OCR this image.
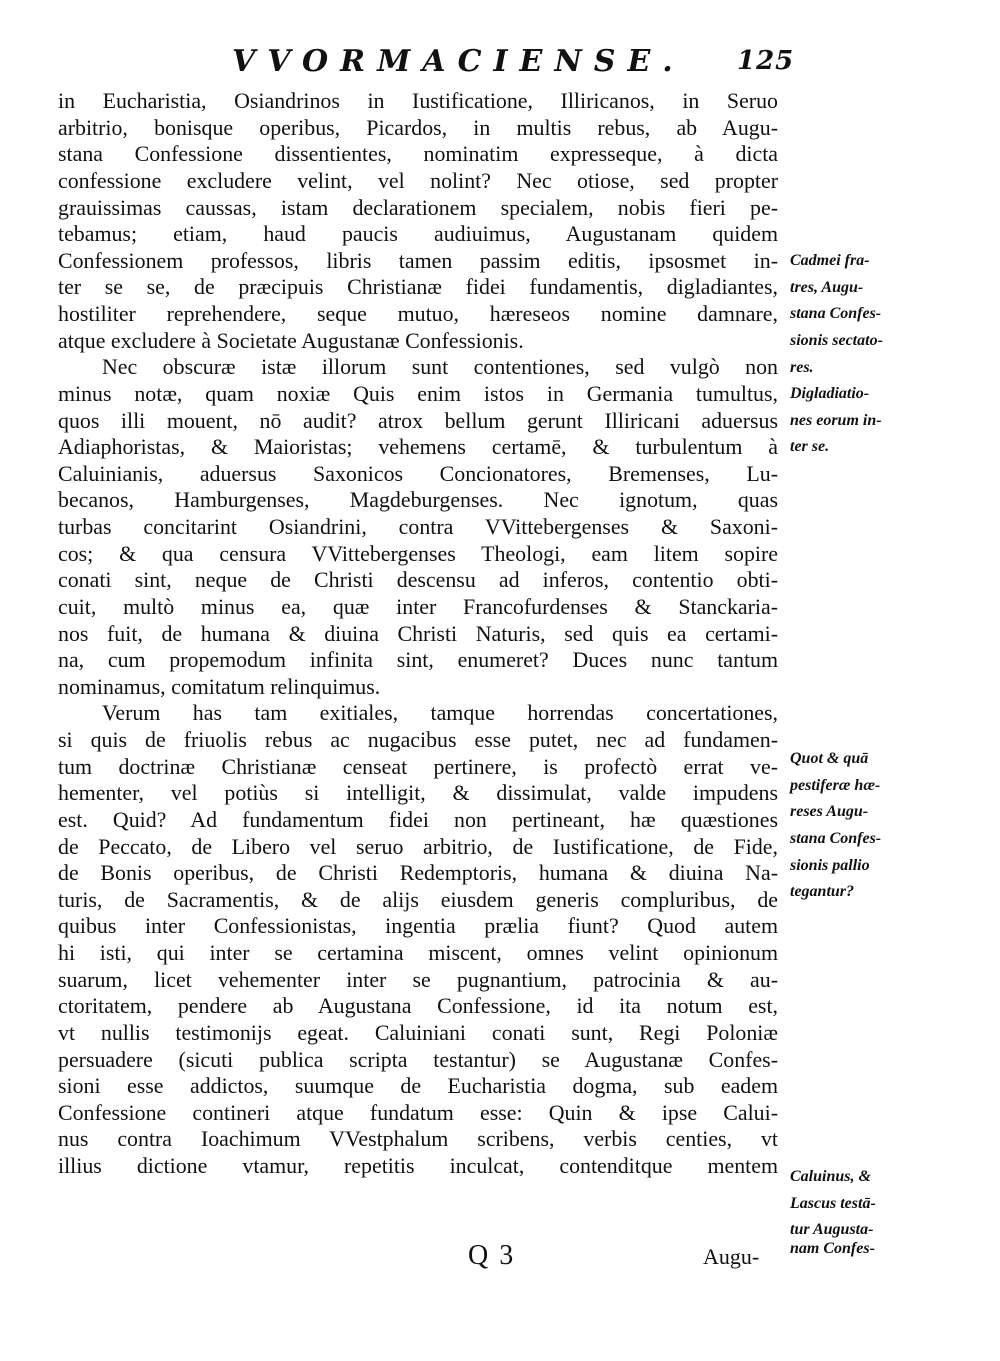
VVORMACIENSE. 125
in Eucharistia, Osiandrinos in Iustificatione, Illiricanos, in Seruo
arbitrio, bonisque operibus, Picardos, in multis rebus, ab Augu-
stana Confessione dissentientes, nominatim expresseque, à dicta
confessione excludere velint, vel nolint? Nec otiose, sed propter
grauissimas caussas, istam declarationem specialem, nobis fieri pe-
tebamus; etiam, haud paucis audiuimus, Augustanam quidem
Confessionem professos, libris tamen passim editis, ipsosmet in-
ter se se, de præcipuis Christianæ fidei fundamentis, digladiantes,
hostiliter reprehendere, seque mutuo, hæreseos nomine damnare,
atque excludere à Societate Augustanæ Confessionis.
Nec obscuræ istæ illorum sunt contentiones, sed vulgò non
minus notæ, quam noxiæ Quis enim istos in Germania tumultus,
quos illi mouent, nō audit? atrox bellum gerunt Illiricani aduersus
Adiaphoristas, & Maioristas; vehemens certamē, & turbulentum à
Caluinianis, aduersus Saxonicos Concionatores, Bremenses, Lu-
becanos, Hamburgenses, Magdeburgenses. Nec ignotum, quas
turbas concitarint Osiandrini, contra VVittebergenses & Saxoni-
cos; & qua censura VVittebergenses Theologi, eam litem sopire
conati sint, neque de Christi descensu ad inferos, contentio obti-
cuit, multò minus ea, quæ inter Francofurdenses & Stanckaria-
nos fuit, de humana & diuina Christi Naturis, sed quis ea certami-
na, cum propemodum infinita sint, enumeret? Duces nunc tantum
nominamus, comitatum relinquimus.
Verum has tam exitiales, tamque horrendas concertationes,
si quis de friuolis rebus ac nugacibus esse putet, nec ad fundamen-
tum doctrinæ Christianæ censeat pertinere, is profectò errat ve-
hementer, vel potiùs si intelligit, & dissimulat, valde impudens
est. Quid? Ad fundamentum fidei non pertineant, hæ quæstiones
de Peccato, de Libero vel seruo arbitrio, de Iustificatione, de Fide,
de Bonis operibus, de Christi Redemptoris, humana & diuina Na-
turis, de Sacramentis, & de alijs eiusdem generis compluribus, de
quibus inter Confessionistas, ingentia prælia fiunt? Quod autem
hi isti, qui inter se certamina miscent, omnes velint opinionum
suarum, licet vehementer inter se pugnantium, patrocinia & au-
ctoritatem, pendere ab Augustana Confessione, id ita notum est,
vt nullis testimonijs egeat. Caluiniani conati sunt, Regi Poloniæ
persuadere (sicuti publica scripta testantur) se Augustanæ Confes-
sioni esse addictos, suumque de Eucharistia dogma, sub eadem
Confessione contineri atque fundatum esse: Quin & ipse Calui-
nus contra Ioachimum VVestphalum scribens, verbis centies, vt
illius dictione vtamur, repetitis inculcat, contenditque mentem
Cadmei fra-
tres, Augu-
stana Confes-
sionis sectato-
res.
Digladiatio-
nes eorum in-
ter se.
Quot & quā
pestiferæ hæ-
reses Augu-
stana Confes-
sionis pallio
tegantur?
Caluinus, &
Lascus testā-
tur Augusta-
Q 3	Augu- nam Confes-
